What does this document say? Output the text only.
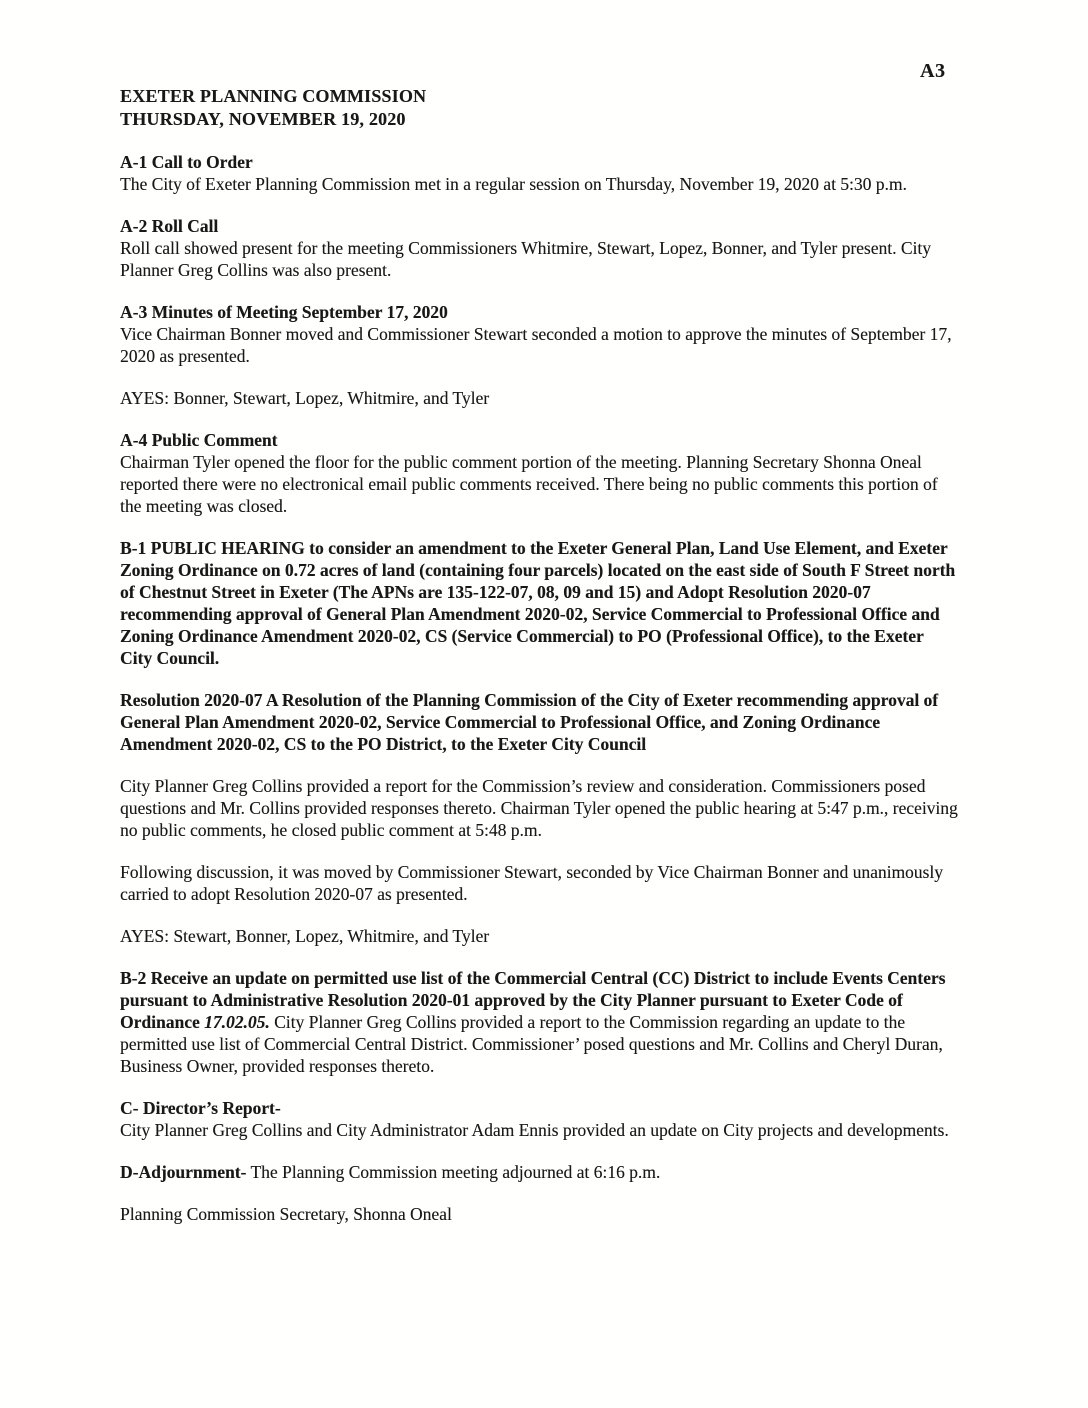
A3
EXETER PLANNING COMMISSION
THURSDAY, NOVEMBER 19, 2020

A-1 Call to Order

The City of Exeter Planning Commission met in a regular session on Thursday, November 19, 2020 at 5:30 p.m.

A-2 Roll Call

Roll call showed present for the meeting Commissioners Whitmire, Stewart, Lopez, Bonner, and Tyler present. City Planner Greg Collins was also present.

A-3 Minutes of Meeting September 17, 2020

Vice Chairman Bonner moved and Commissioner Stewart seconded a motion to approve the minutes of September 17, 2020 as presented.

AYES: Bonner, Stewart, Lopez, Whitmire, and Tyler

A-4 Public Comment

Chairman Tyler opened the floor for the public comment portion of the meeting. Planning Secretary Shonna Oneal reported there were no electronical email public comments received. There being no public comments this portion of the meeting was closed.

B-1 PUBLIC HEARING to consider an amendment to the Exeter General Plan, Land Use Element, and Exeter Zoning Ordinance on 0.72 acres of land (containing four parcels) located on the east side of South F Street north of Chestnut Street in Exeter (The APNs are 135-122-07, 08, 09 and 15) and Adopt Resolution 2020-07 recommending approval of General Plan Amendment 2020-02, Service Commercial to Professional Office and Zoning Ordinance Amendment 2020-02, CS (Service Commercial) to PO (Professional Office), to the Exeter City Council.

Resolution 2020-07 A Resolution of the Planning Commission of the City of Exeter recommending approval of General Plan Amendment 2020-02, Service Commercial to Professional Office, and Zoning Ordinance Amendment 2020-02, CS to the PO District, to the Exeter City Council

City Planner Greg Collins provided a report for the Commission’s review and consideration. Commissioners posed questions and Mr. Collins provided responses thereto. Chairman Tyler opened the public hearing at 5:47 p.m., receiving no public comments, he closed public comment at 5:48 p.m.

Following discussion, it was moved by Commissioner Stewart, seconded by Vice Chairman Bonner and unanimously carried to adopt Resolution 2020-07 as presented.

AYES: Stewart, Bonner, Lopez, Whitmire, and Tyler

B-2 Receive an update on permitted use list of the Commercial Central (CC) District to include Events Centers pursuant to Administrative Resolution 2020-01 approved by the City Planner pursuant to Exeter Code of Ordinance 17.02.05. City Planner Greg Collins provided a report to the Commission regarding an update to the permitted use list of Commercial Central District. Commissioner’ posed questions and Mr. Collins and Cheryl Duran, Business Owner, provided responses thereto.

C- Director’s Report-

City Planner Greg Collins and City Administrator Adam Ennis provided an update on City projects and developments.

D-Adjournment- The Planning Commission meeting adjourned at 6:16 p.m.

Planning Commission Secretary, Shonna Oneal
